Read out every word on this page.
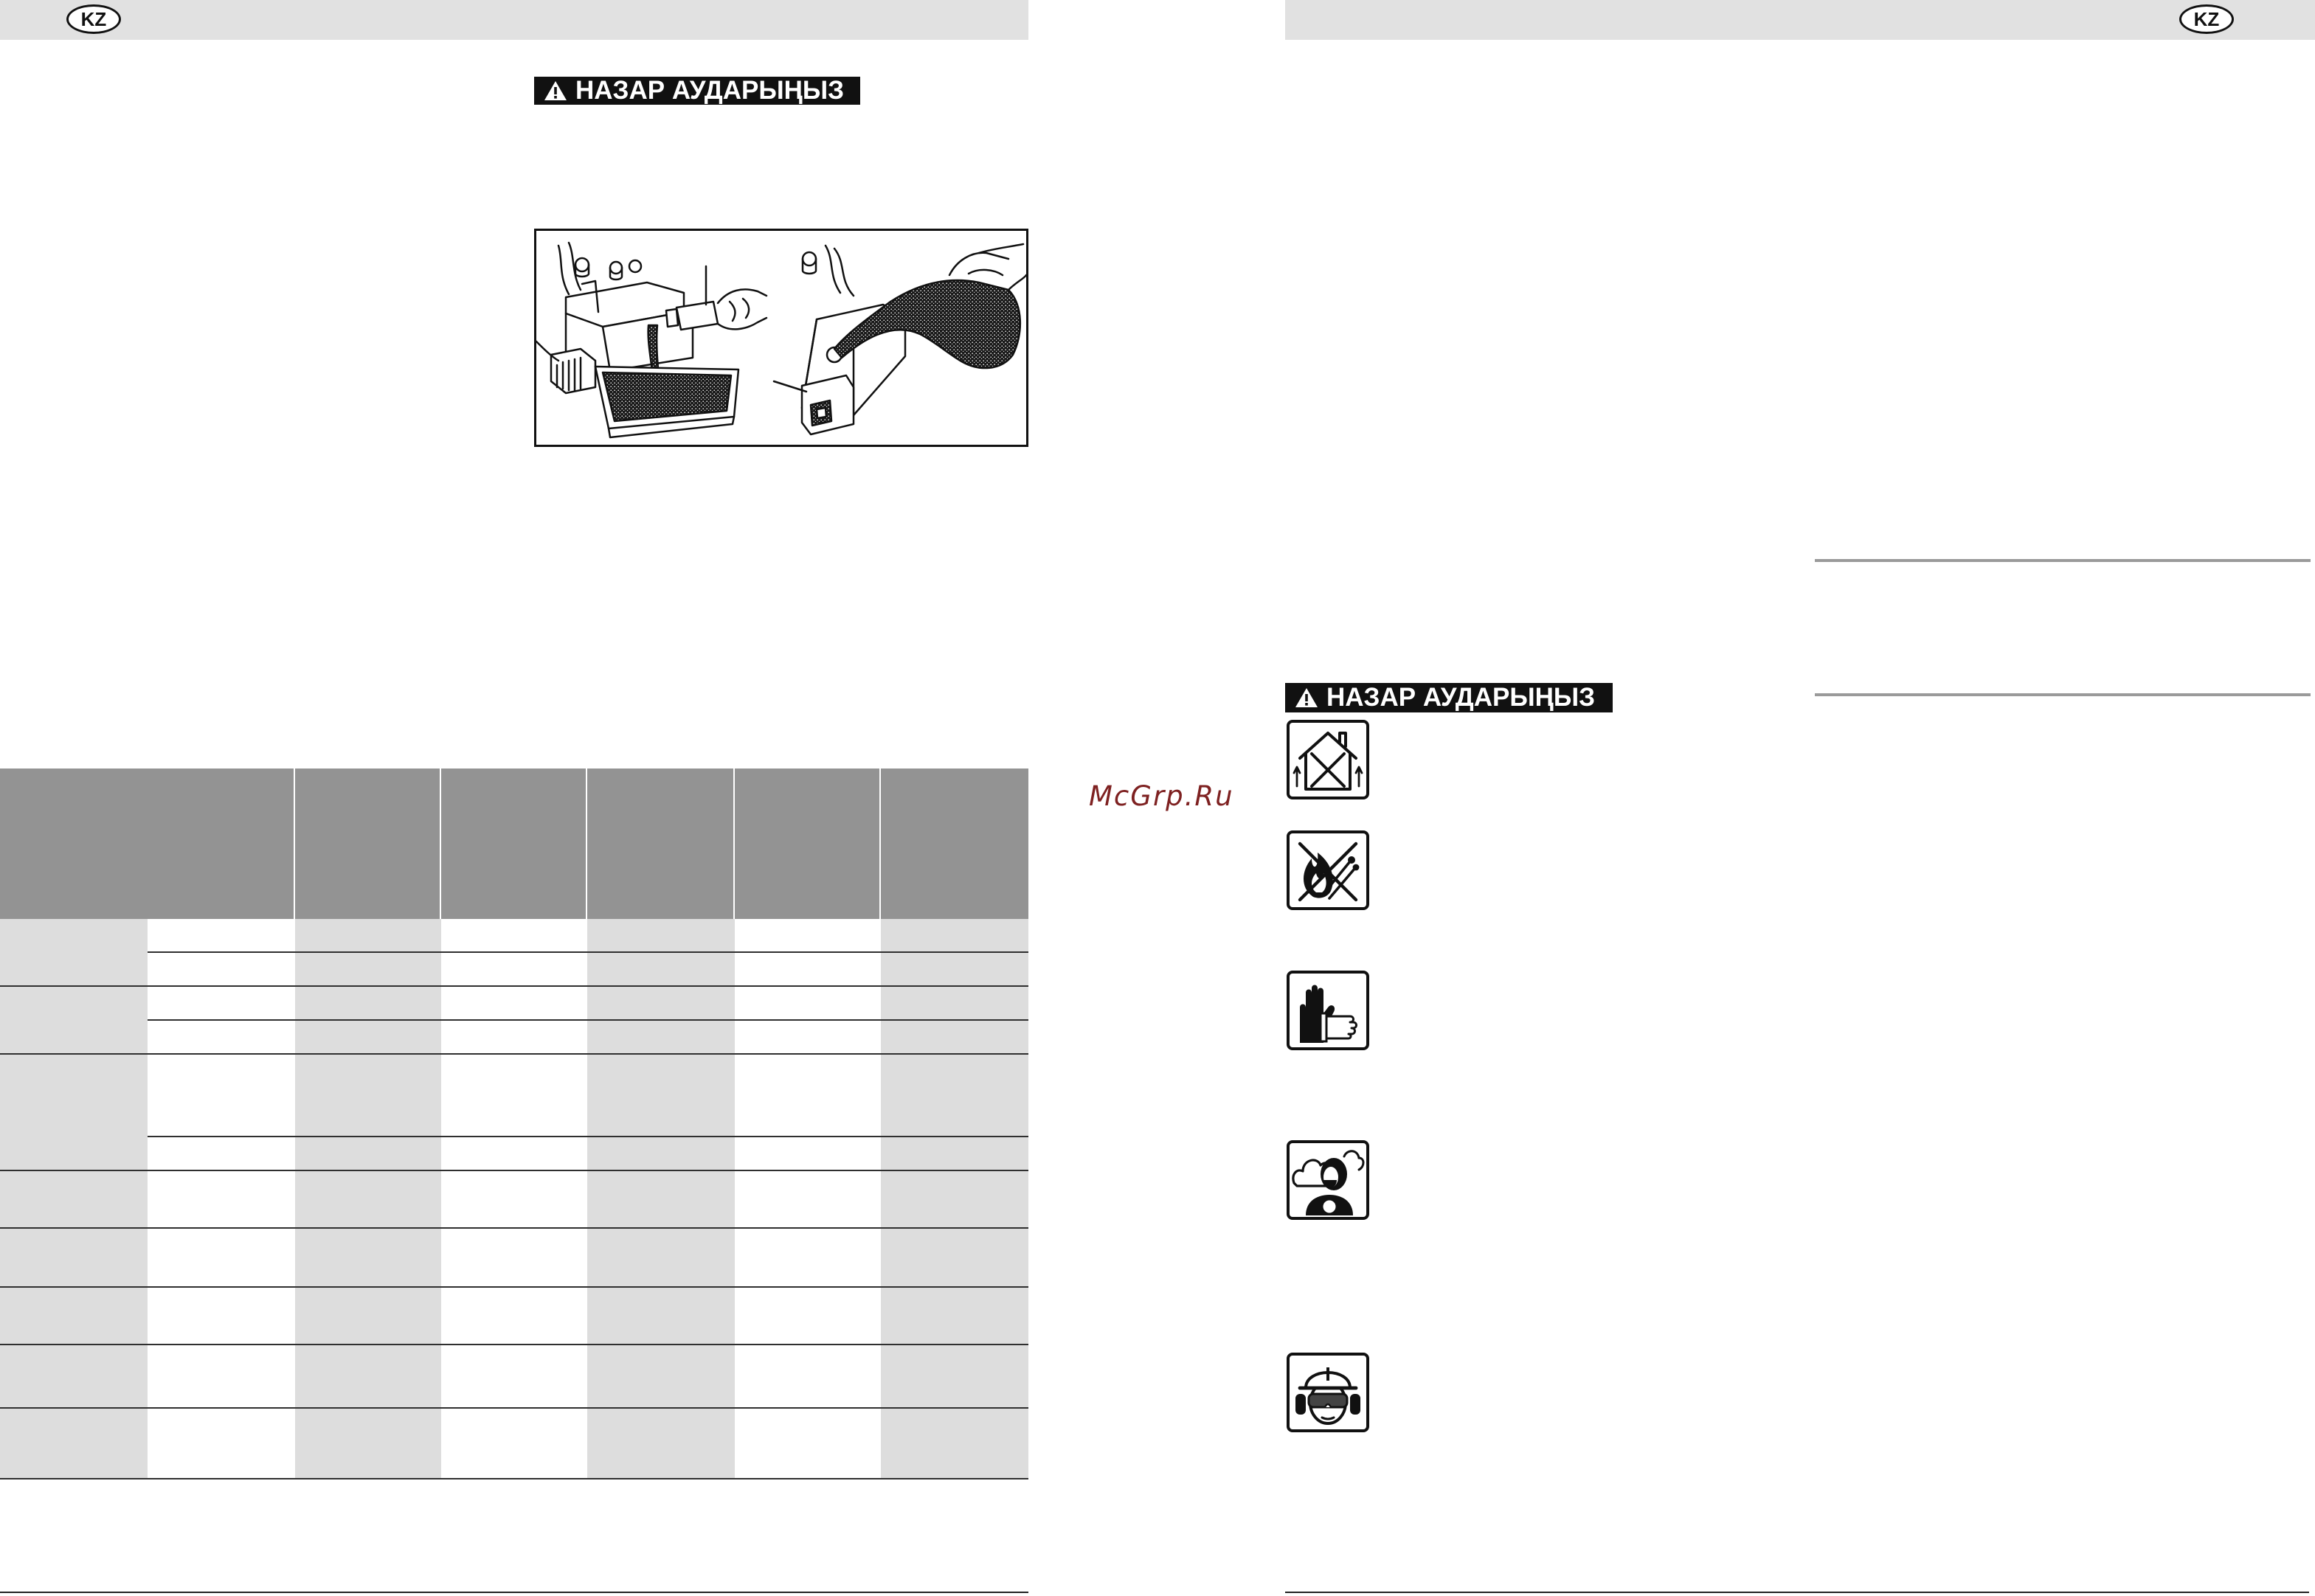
KZ
НАЗАР АУДАРЫҢЫЗ
McGrp.Ru
KZ
НАЗАР АУДАРЫҢЫЗ
